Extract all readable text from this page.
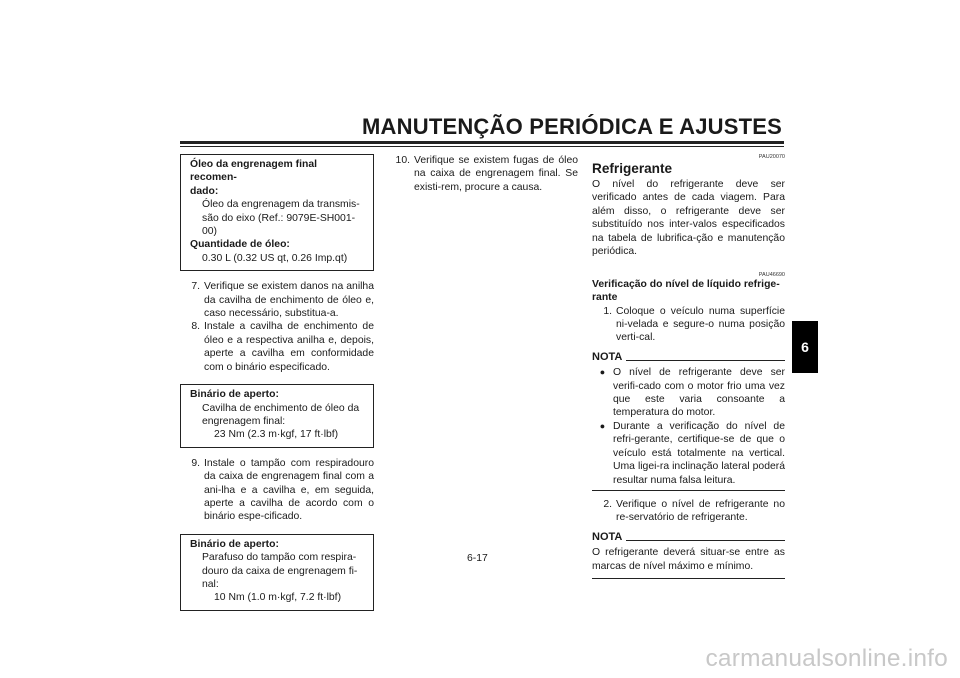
MANUTENÇÃO PERIÓDICA E AJUSTES
6
Óleo da engrenagem final recomen-
dado:
Óleo da engrenagem da transmis-
são do eixo (Ref.: 9079E-SH001-
00)
Quantidade de óleo:
0.30 L (0.32 US qt, 0.26 Imp.qt)
7. Verifique se existem danos na anilha da cavilha de enchimento de óleo e, caso necessário, substitua-a.
8. Instale a cavilha de enchimento de óleo e a respectiva anilha e, depois, aperte a cavilha em conformidade com o binário especificado.
Binário de aperto:
Cavilha de enchimento de óleo da
engrenagem final:
23 Nm (2.3 m·kgf, 17 ft·lbf)
9. Instale o tampão com respiradouro da caixa de engrenagem final com a ani-lha e a cavilha e, em seguida, aperte a cavilha de acordo com o binário espe-cificado.
Binário de aperto:
Parafuso do tampão com respira-
douro da caixa de engrenagem fi-
nal:
10 Nm (1.0 m·kgf, 7.2 ft·lbf)
10. Verifique se existem fugas de óleo na caixa de engrenagem final. Se existi-rem, procure a causa.
PAU20070
Refrigerante
O nível do refrigerante deve ser verificado antes de cada viagem. Para além disso, o refrigerante deve ser substituído nos inter-valos especificados na tabela de lubrifica-ção e manutenção periódica.
PAU46690
Verificação do nível de líquido refrige-rante
1. Coloque o veículo numa superfície ni-velada e segure-o numa posição verti-cal.
NOTA
● O nível de refrigerante deve ser verifi-cado com o motor frio uma vez que este varia consoante a temperatura do motor.
● Durante a verificação do nível de refri-gerante, certifique-se de que o veículo está totalmente na vertical. Uma ligei-ra inclinação lateral poderá resultar numa falsa leitura.
2. Verifique o nível de refrigerante no re-servatório de refrigerante.
NOTA
O refrigerante deverá situar-se entre as marcas de nível máximo e mínimo.
6-17
carmanualsonline.info
